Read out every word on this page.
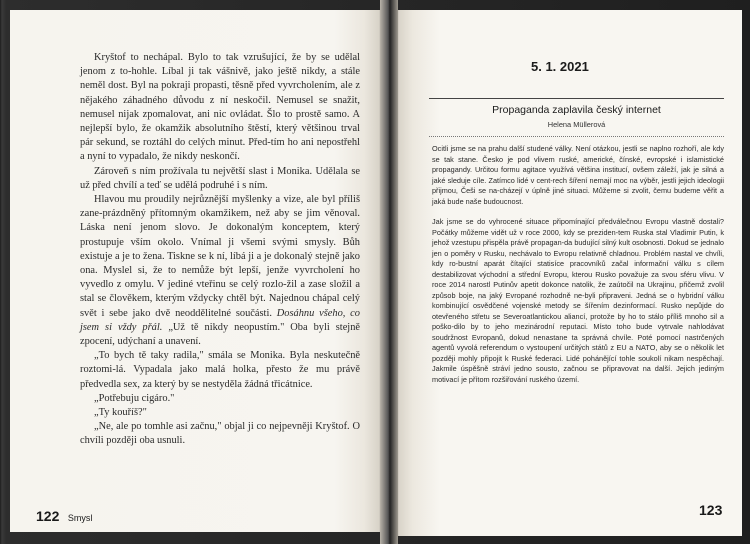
Kryštof to nechápal. Bylo to tak vzrušující, že by se udělal jenom z to-hohle. Líbal ji tak vášnivě, jako ještě nikdy, a stále neměl dost. Byl na pokraji propasti, těsně před vyvrcholením, ale z nějakého záhadného důvodu z ní neskočil. Nemusel se snažit, nemusel nijak zpomalovat, ani nic ovládat. Šlo to prostě samo. A nejlepší bylo, že okamžik absolutního štěstí, který většinou trval pár sekund, se roztáhl do celých minut. Před-tím ho ani nepostřehl a nyní to vypadalo, že nikdy neskončí.

Zároveň s ním prožívala tu největší slast i Monika. Udělala se už před chvílí a teď se udělá podruhé i s ním.

Hlavou mu proudily nejrůznější myšlenky a vize, ale byl příliš zane-prázdněný přítomným okamžikem, než aby se jim věnoval. Láska není jenom slovo. Je dokonalým konceptem, který prostupuje vším okolo. Vnímal ji všemi svými smysly. Bůh existuje a je to žena. Tiskne se k ní, líbá ji a je dokonalý stejně jako ona. Myslel si, že to nemůže být lepší, jenže vyvrcholení ho vyvedlo z omylu. V jediné vteřinu se celý rozlo-žil a zase složil a stal se člověkem, kterým vždycky chtěl být. Najednou chápal celý svět i sebe jako dvě neoddělitelné součásti. Dosáhnu všeho, co jsem si vždy přál. „Už tě nikdy neopustím." Oba byli stejně zpocení, udýchaní a unavení.

„To bych tě taky radila," smála se Monika. Byla neskutečně roztomi-lá. Vypadala jako malá holka, přesto že mu právě předvedla sex, za který by se nestyděla žádná třicátnice.

„Potřebuju cigáro."

„Ty kouříš?"

„Ne, ale po tomhle asi začnu," objal ji co nejpevněji Kryštof. O chvíli později oba usnuli.

122 Smysl
5. 1. 2021
Propaganda zaplavila český internet
Helena Müllerová

Ocitli jsme se na prahu další studené války. Není otázkou, jestli se naplno rozhoří, ale kdy se tak stane. Česko je pod vlivem ruské, americké, čínské, evropské i islamistické propagandy. Určitou formu agitace využívá většina institucí, ovšem záleží, jak je silná a jaké sleduje cíle. Zatímco lidé v cent-rech šíření nemají moc na výběr, jestli jejich ideologii přijmou, Češi se na-cházejí v úplně jiné situaci. Můžeme si zvolit, čemu budeme věřit a jaká bude naše budoucnost.

Jak jsme se do vyhrocené situace připomínající předválečnou Evropu vlastně dostali? Počátky můžeme vidět už v roce 2000, kdy se preziden-tem Ruska stal Vladimir Putin, k jehož vzestupu přispěla právě propagan-da budující silný kult osobnosti. Dokud se jednalo jen o poměry v Rusku, nechávalo to Evropu relativně chladnou. Problém nastal ve chvíli, kdy ro-bustní aparát čítající statisíce pracovníků začal informační válku s cílem destabilizovat východní a střední Evropu, kterou Rusko považuje za svou sféru vlivu. V roce 2014 narostl Putinův apetit dokonce natolik, že zaútočil na Ukrajinu, přičemž zvolil způsob boje, na jaký Evropané rozhodně ne-byli připraveni. Jedná se o hybridní válku kombinující osvědčené vojenské metody se šířením dezinformací. Rusko nepůjde do otevřeného střetu se Severoatlantickou aliancí, protože by ho to stálo příliš mnoho sil a poško-dilo by to jeho mezinárodní reputaci. Místo toho bude vytrvale nahlodávat soudržnost Evropanů, dokud nenastane ta správná chvíle. Poté pomocí nastrčených agentů vyvolá referendum o vystoupení určitých států z EU a NATO, aby se o několik let později mohly připojit k Ruské federaci. Lidé pohánějící tohle soukolí nikam nespěchají. Jakmile úspěšně stráví jedno sousto, začnou se připravovat na další. Jejich jediným motivací je přítom rozšiřování ruského území.

123
